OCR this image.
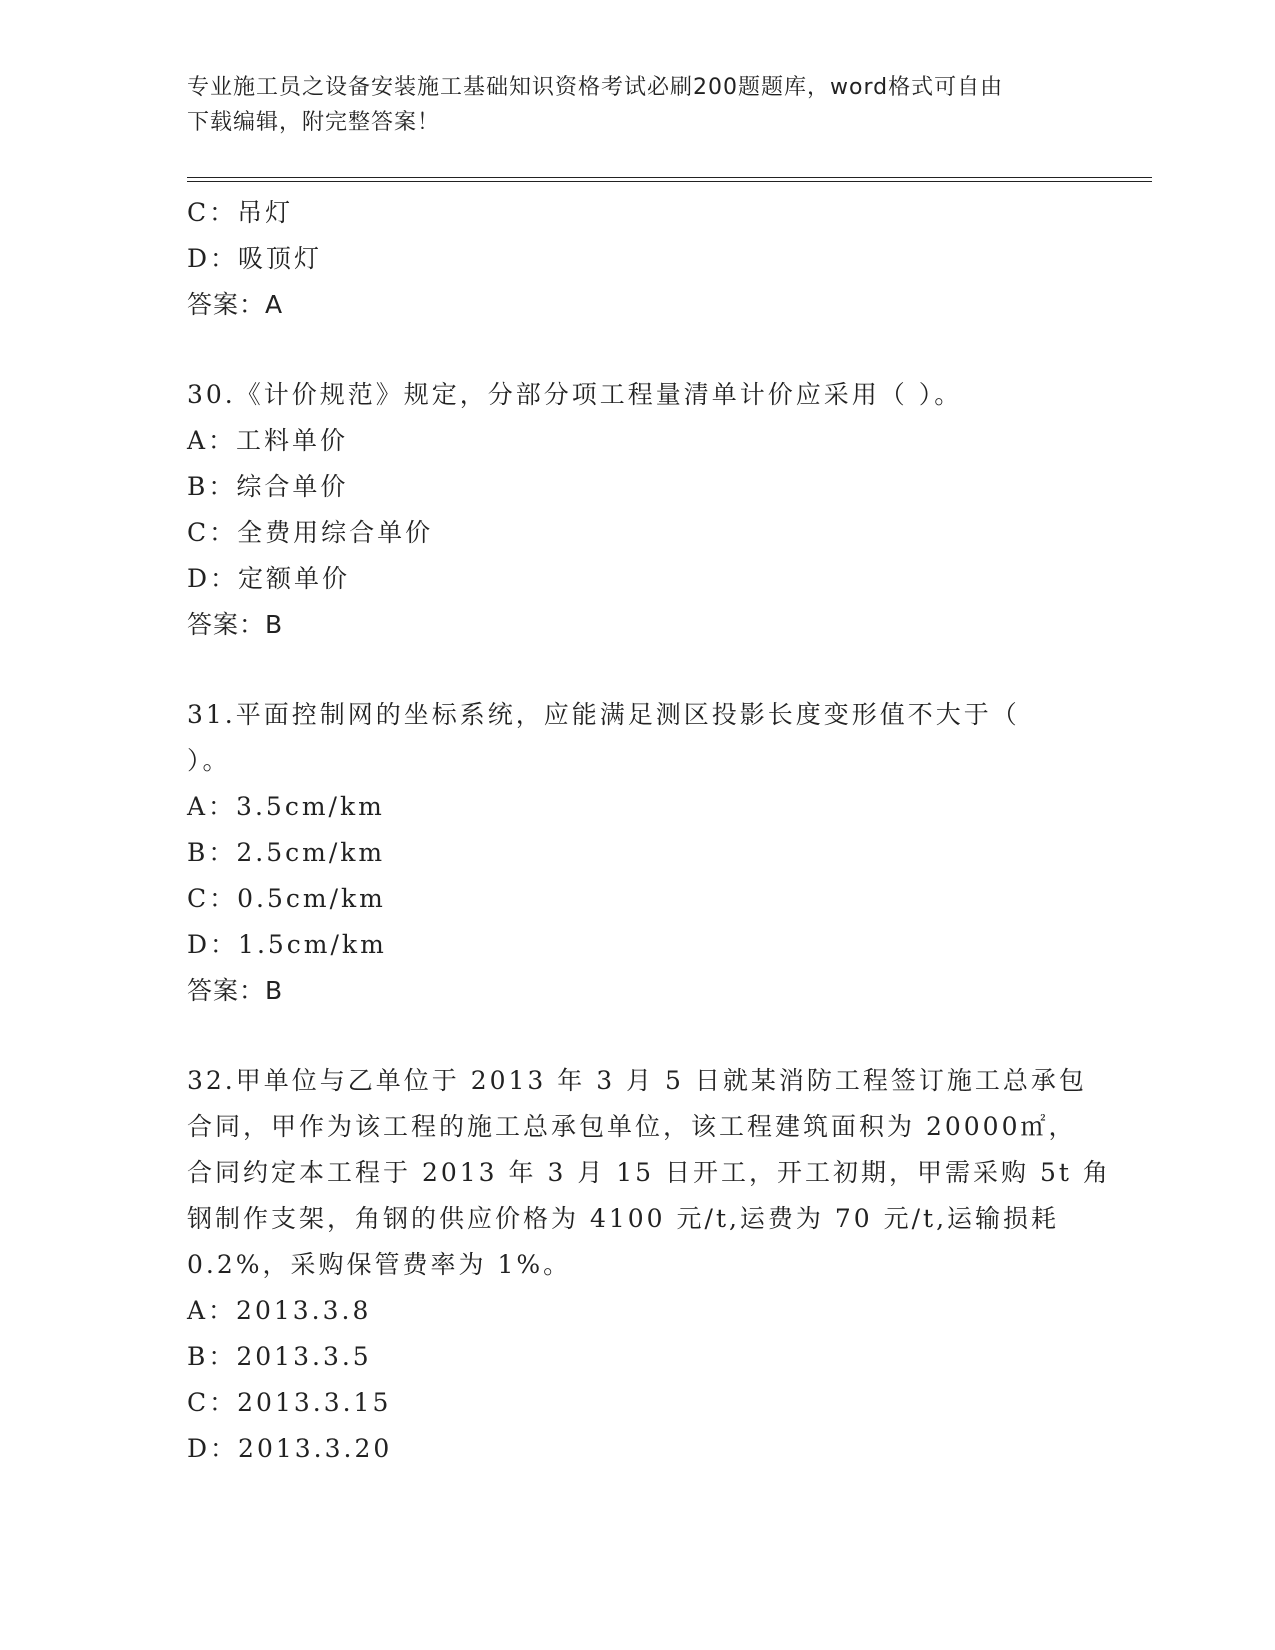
专业施工员之设备安装施工基础知识资格考试必刷200题题库，word格式可自由
下载编辑，附完整答案！
C：吊灯
D：吸顶灯
答案：A
30.《计价规范》规定，分部分项工程量清单计价应采用（ ）。
A：工料单价
B：综合单价
C：全费用综合单价
D：定额单价
答案：B
31.平面控制网的坐标系统，应能满足测区投影长度变形值不大于（
）。
A：3.5cm/km
B：2.5cm/km
C：0.5cm/km
D：1.5cm/km
答案：B
32.甲单位与乙单位于 2013 年 3 月 5 日就某消防工程签订施工总承包
合同，甲作为该工程的施工总承包单位，该工程建筑面积为 20000㎡，
合同约定本工程于 2013 年 3 月 15 日开工，开工初期，甲需采购 5t 角
钢制作支架，角钢的供应价格为 4100 元/t,运费为 70 元/t,运输损耗
0.2%，采购保管费率为 1%。
A：2013.3.8
B：2013.3.5
C：2013.3.15
D：2013.3.20
